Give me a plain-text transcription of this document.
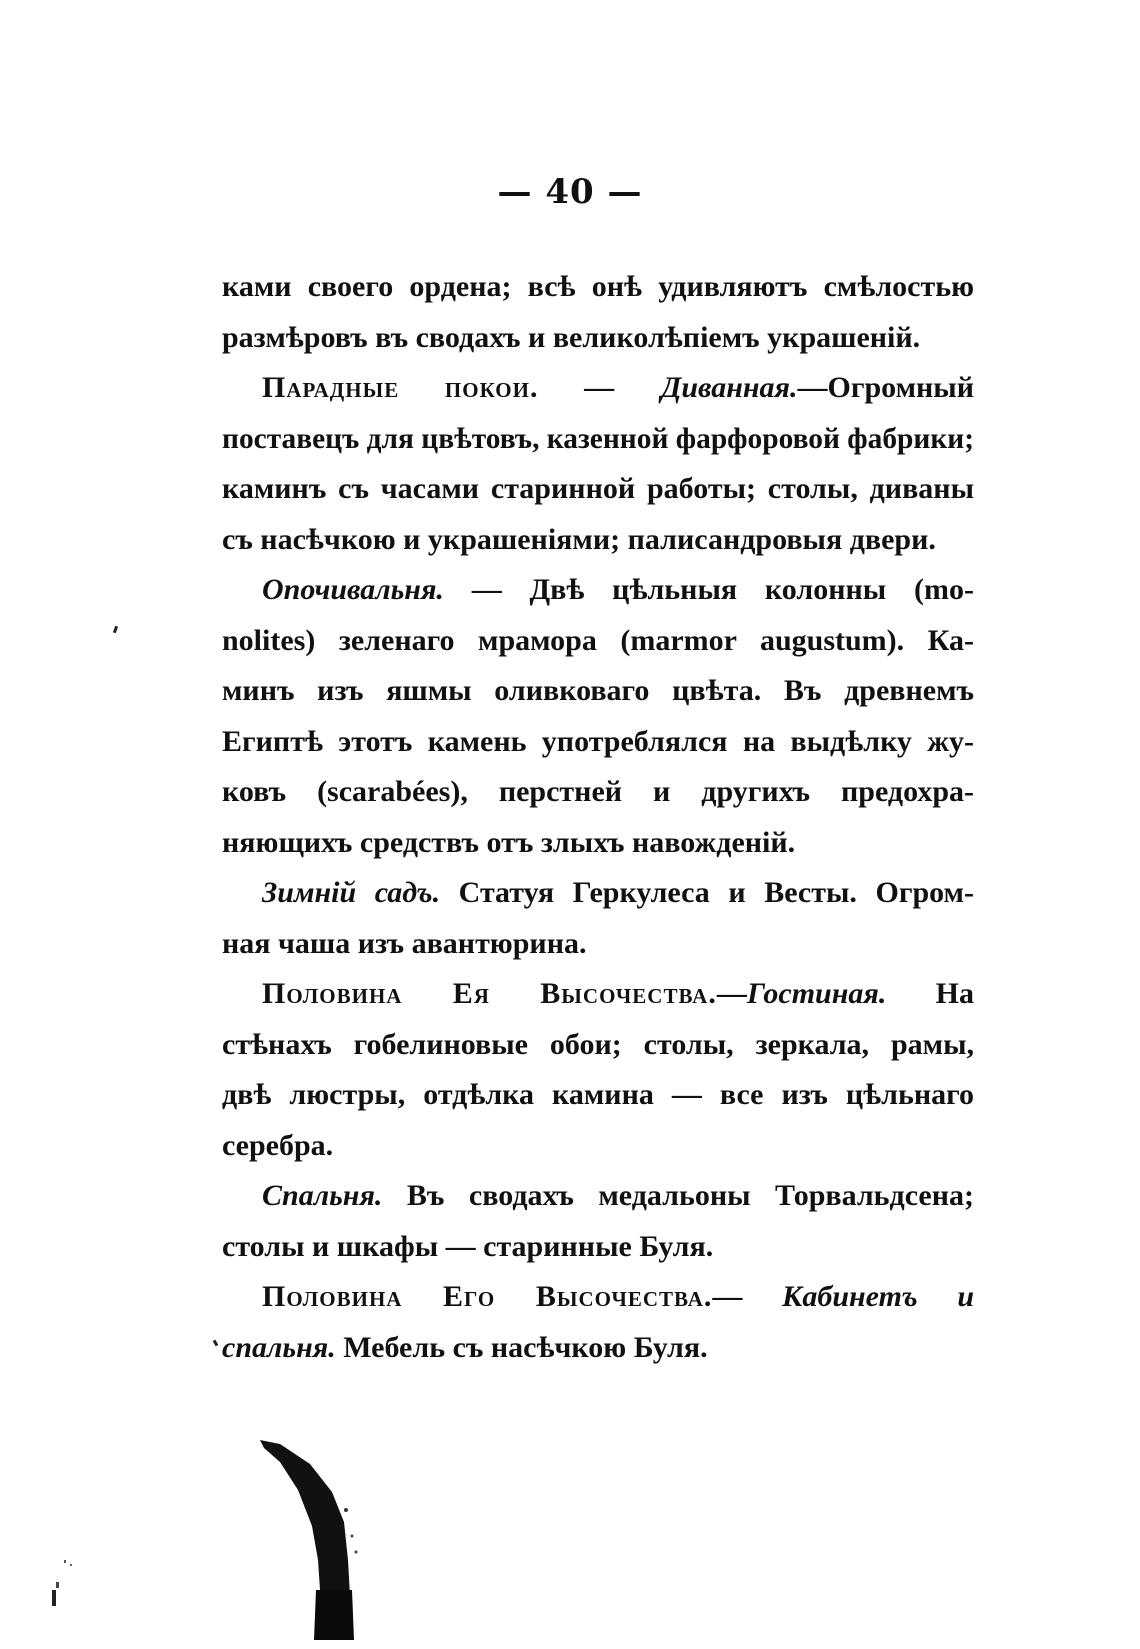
— 40 —
ками своего ордена; всѣ онѣ удивляютъ смѣлостью
размѣровъ въ сводахъ и великолѣпіемъ украшеній.
Парадные покои. — Диванная.—Огромный
поставецъ для цвѣтовъ, казенной фарфоровой фабрики;
каминъ съ часами старинной работы; столы, диваны
съ насѣчкою и украшеніями; палисандровыя двери.
Опочивальня. — Двѣ цѣльныя колонны (mo-
nolites) зеленаго мрамора (marmor augustum). Ка-
минъ изъ яшмы оливковаго цвѣта. Въ древнемъ
Египтѣ этотъ камень употреблялся на выдѣлку жу-
ковъ (scarabées), перстней и другихъ предохра-
няющихъ средствъ отъ злыхъ навожденій.
Зимній садъ. Статуя Геркулеса и Весты. Огром-
ная чаша изъ авантюрина.
Половина Ея Высочества.—Гостиная. На
стѣнахъ гобелиновые обои; столы, зеркала, рамы,
двѣ люстры, отдѣлка камина — все изъ цѣльнаго
серебра.
Спальня. Въ сводахъ медальоны Торвальдсена;
столы и шкафы — старинные Буля.
Половина Его Высочества.— Кабинетъ и
спальня. Мебель съ насѣчкою Буля.
